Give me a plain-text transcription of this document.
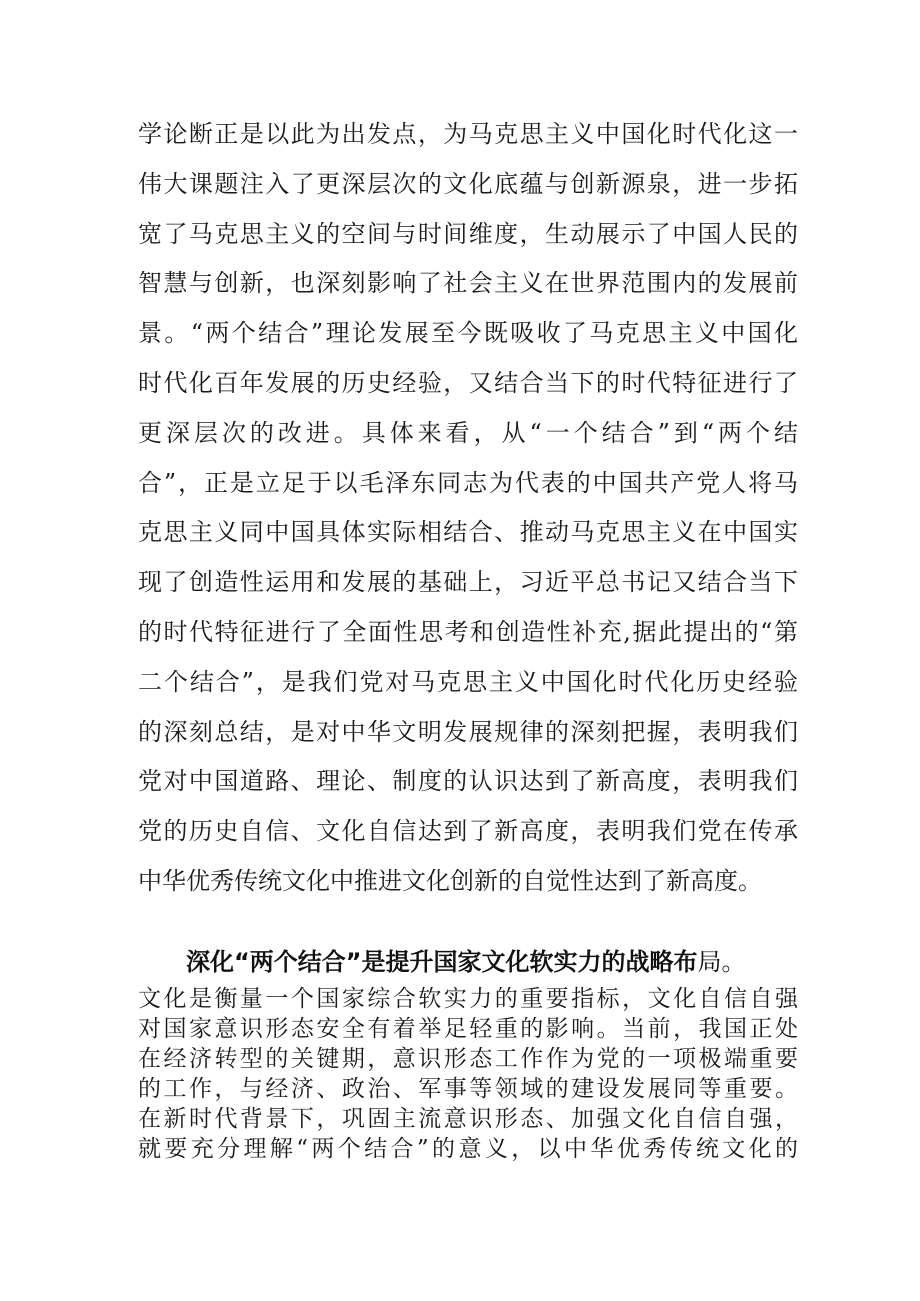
学论断正是以此为出发点，为马克思主义中国化时代化这一
伟大课题注入了更深层次的文化底蕴与创新源泉，进一步拓
宽了马克思主义的空间与时间维度，生动展示了中国人民的
智慧与创新，也深刻影响了社会主义在世界范围内的发展前
景。“两个结合”理论发展至今既吸收了马克思主义中国化
时代化百年发展的历史经验，又结合当下的时代特征进行了
更深层次的改进。具体来看，从“一个结合”到“两个结
合”，正是立足于以毛泽东同志为代表的中国共产党人将马
克思主义同中国具体实际相结合、推动马克思主义在中国实
现了创造性运用和发展的基础上，习近平总书记又结合当下
的时代特征进行了全面性思考和创造性补充,据此提出的“第
二个结合”，是我们党对马克思主义中国化时代化历史经验
的深刻总结，是对中华文明发展规律的深刻把握，表明我们
党对中国道路、理论、制度的认识达到了新高度，表明我们
党的历史自信、文化自信达到了新高度，表明我们党在传承
中华优秀传统文化中推进文化创新的自觉性达到了新高度。
深化“两个结合”是提升国家文化软实力的战略布局。
文化是衡量一个国家综合软实力的重要指标，文化自信自强
对国家意识形态安全有着举足轻重的影响。当前，我国正处
在经济转型的关键期，意识形态工作作为党的一项极端重要
的工作，与经济、政治、军事等领域的建设发展同等重要。
在新时代背景下，巩固主流意识形态、加强文化自信自强，
就要充分理解“两个结合”的意义，以中华优秀传统文化的
